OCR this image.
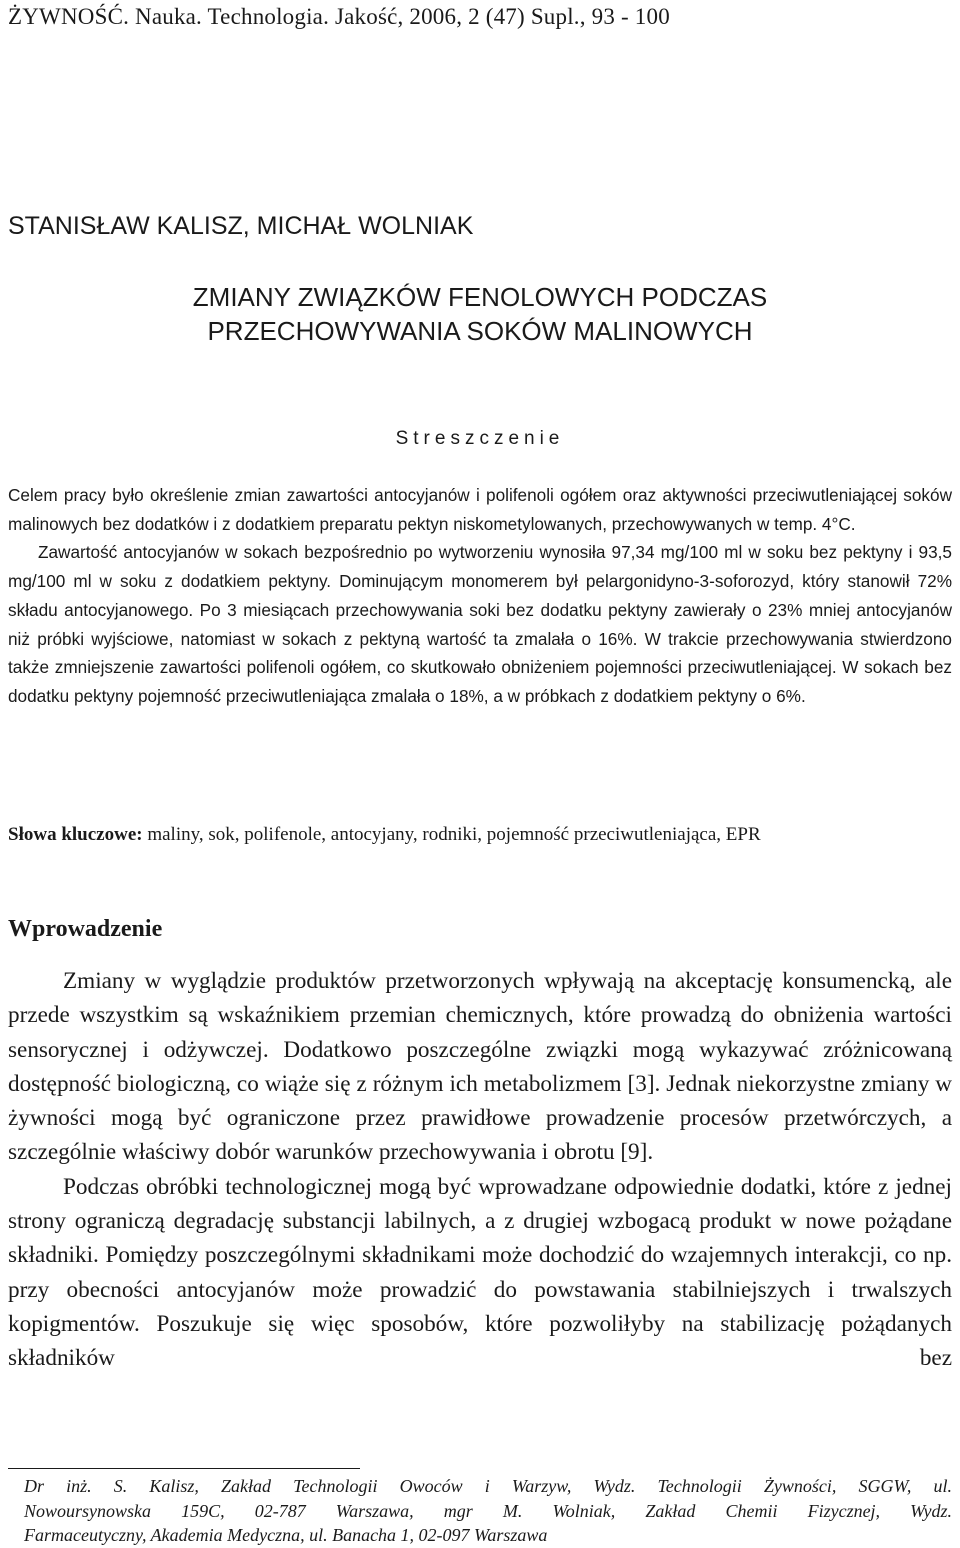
ŻYWNOŚĆ. Nauka. Technologia. Jakość, 2006, 2 (47) Supl., 93 - 100
STANISŁAW KALISZ, MICHAŁ WOLNIAK
ZMIANY ZWIĄZKÓW FENOLOWYCH PODCZAS
PRZECHOWYWANIA SOKÓW MALINOWYCH
Streszczenie

Celem pracy było określenie zmian zawartości antocyjanów i polifenoli ogółem oraz aktywności przeciwutleniającej soków malinowych bez dodatków i z dodatkiem preparatu pektyn niskometylowanych, przechowywanych w temp. 4°C.

Zawartość antocyjanów w sokach bezpośrednio po wytworzeniu wynosiła 97,34 mg/100 ml w soku bez pektyny i 93,5 mg/100 ml w soku z dodatkiem pektyny. Dominującym monomerem był pelargonidyno-3-soforozyd, który stanowił 72% składu antocyjanowego. Po 3 miesiącach przechowywania soki bez dodatku pektyny zawierały o 23% mniej antocyjanów niż próbki wyjściowe, natomiast w sokach z pektyną wartość ta zmalała o 16%. W trakcie przechowywania stwierdzono także zmniejszenie zawartości polifenoli ogółem, co skutkowało obniżeniem pojemności przeciwutleniającej. W sokach bez dodatku pektyny pojemność przeciwutleniająca zmalała o 18%, a w próbkach z dodatkiem pektyny o 6%.

Słowa kluczowe: maliny, sok, polifenole, antocyjany, rodniki, pojemność przeciwutleniająca, EPR
Wprowadzenie

Zmiany w wyglądzie produktów przetworzonych wpływają na akceptację konsumencką, ale przede wszystkim są wskaźnikiem przemian chemicznych, które prowadzą do obniżenia wartości sensorycznej i odżywczej. Dodatkowo poszczególne związki mogą wykazywać zróżnicowaną dostępność biologiczną, co wiąże się z różnym ich metabolizmem [3]. Jednak niekorzystne zmiany w żywności mogą być ograniczone przez prawidłowe prowadzenie procesów przetwórczych, a szczególnie właściwy dobór warunków przechowywania i obrotu [9].

Podczas obróbki technologicznej mogą być wprowadzane odpowiednie dodatki, które z jednej strony ograniczą degradację substancji labilnych, a z drugiej wzbogacą produkt w nowe pożądane składniki. Pomiędzy poszczególnymi składnikami może dochodzić do wzajemnych interakcji, co np. przy obecności antocyjanów może prowadzić do powstawania stabilniejszych i trwalszych kopigmentów. Poszukuje się więc sposobów, które pozwoliłyby na stabilizację pożądanych składników bez

Dr inż. S. Kalisz, Zakład Technologii Owoców i Warzyw, Wydz. Technologii Żywności, SGGW, ul.
Nowoursynowska 159C, 02-787 Warszawa, mgr M. Wolniak, Zakład Chemii Fizycznej, Wydz.
Farmaceutyczny, Akademia Medyczna, ul. Banacha 1, 02-097 Warszawa
